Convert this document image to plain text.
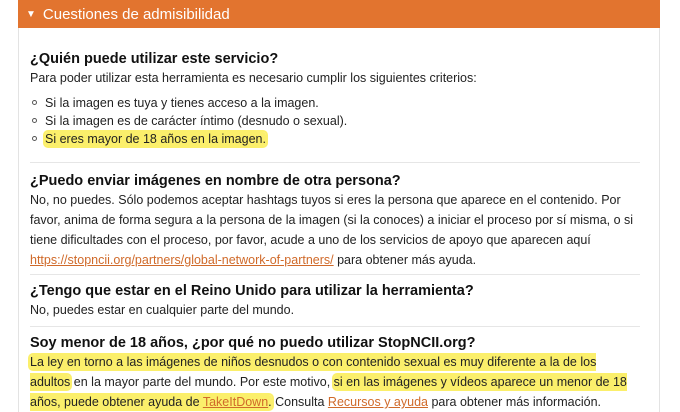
▼ Cuestiones de admisibilidad
¿Quién puede utilizar este servicio?

Para poder utilizar esta herramienta es necesario cumplir los siguientes criterios:

Si la imagen es tuya y tienes acceso a la imagen.
Si la imagen es de carácter íntimo (desnudo o sexual).
Si eres mayor de 18 años en la imagen.
¿Puedo enviar imágenes en nombre de otra persona?

No, no puedes. Sólo podemos aceptar hashtags tuyos si eres la persona que aparece en el contenido. Por favor, anima de forma segura a la persona de la imagen (si la conoces) a iniciar el proceso por sí misma, o si tiene dificultades con el proceso, por favor, acude a uno de los servicios de apoyo que aparecen aquí https://stopncii.org/partners/global-network-of-partners/ para obtener más ayuda.

¿Tengo que estar en el Reino Unido para utilizar la herramienta?

No, puedes estar en cualquier parte del mundo.

Soy menor de 18 años, ¿por qué no puedo utilizar StopNCII.org?

La ley en torno a las imágenes de niños desnudos o con contenido sexual es muy diferente a la de los adultos en la mayor parte del mundo. Por este motivo, si en las imágenes y vídeos aparece un menor de 18 años, puede obtener ayuda de TakeItDown. Consulta Recursos y ayuda para obtener más información.
